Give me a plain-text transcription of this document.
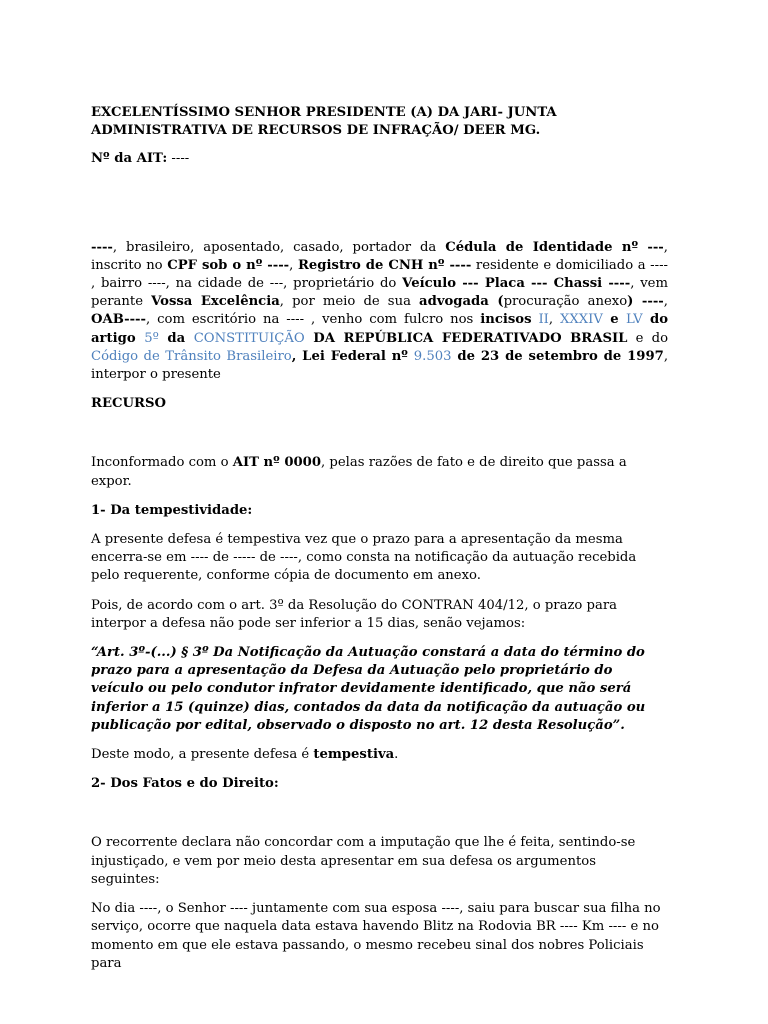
EXCELENTÍSSIMO SENHOR PRESIDENTE (A) DA JARI- JUNTA ADMINISTRATIVA DE RECURSOS DE INFRAÇÃO/ DEER MG.

Nº da AIT: ----

----, brasileiro, aposentado, casado, portador da Cédula de Identidade nº ---, inscrito no CPF sob o nº ----, Registro de CNH nº ---- residente e domiciliado a ---- , bairro ----, na cidade de ---, proprietário do Veículo --- Placa --- Chassi ----, vem perante Vossa Excelência, por meio de sua advogada (procuração anexo) ----, OAB----, com escritório na ---- , venho com fulcro nos incisos II, XXXIV e LV do artigo 5º da CONSTITUIÇÃO DA REPÚBLICA FEDERATIVADO BRASIL e do Código de Trânsito Brasileiro, Lei Federal nº 9.503 de 23 de setembro de 1997, interpor o presente

RECURSO

Inconformado com o AIT nº 0000, pelas razões de fato e de direito que passa a expor.

1- Da tempestividade:

A presente defesa é tempestiva vez que o prazo para a apresentação da mesma encerra-se em ---- de ----- de ----, como consta na notificação da autuação recebida pelo requerente, conforme cópia de documento em anexo.

Pois, de acordo com o art. 3º da Resolução do CONTRAN 404/12, o prazo para interpor a defesa não pode ser inferior a 15 dias, senão vejamos:

“Art. 3º-(...) § 3º Da Notificação da Autuação constará a data do término do prazo para a apresentação da Defesa da Autuação pelo proprietário do veículo ou pelo condutor infrator devidamente identificado, que não será inferior a 15 (quinze) dias, contados da data da notificação da autuação ou publicação por edital, observado o disposto no art. 12 desta Resolução”.

Deste modo, a presente defesa é tempestiva.

2- Dos Fatos e do Direito:

O recorrente declara não concordar com a imputação que lhe é feita, sentindo-se injustiçado, e vem por meio desta apresentar em sua defesa os argumentos seguintes:

No dia ----, o Senhor ---- juntamente com sua esposa ----, saiu para buscar sua filha no serviço, ocorre que naquela data estava havendo Blitz na Rodovia BR ---- Km ---- e no momento em que ele estava passando, o mesmo recebeu sinal dos nobres Policiais para
